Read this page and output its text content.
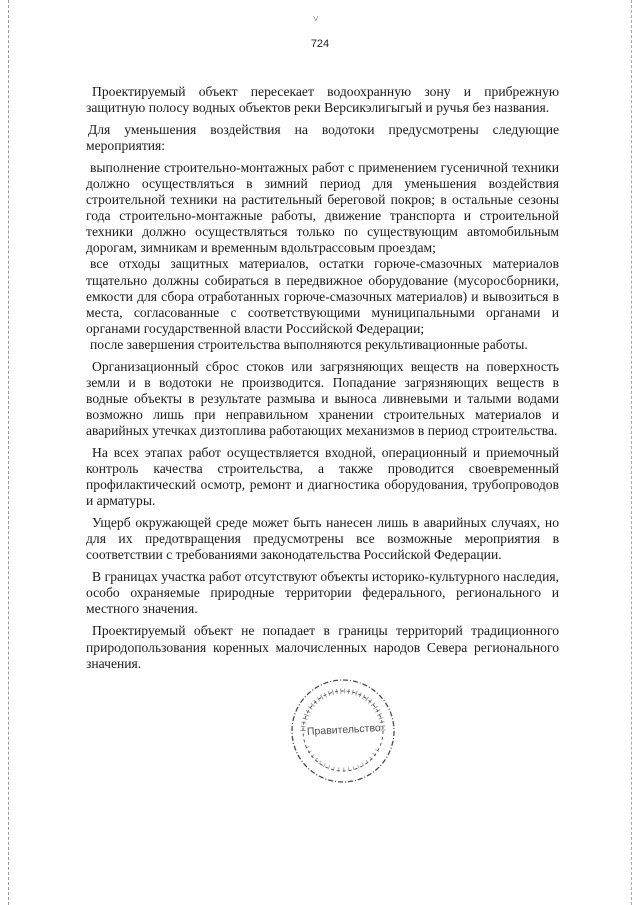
˅
724

Проектируемый объект пересекает водоохранную зону и прибрежную защитную полосу водных объектов реки Версикэлигыгый и ручья без названия.

Для уменьшения воздействия на водотоки предусмотрены следующие мероприятия:

выполнение строительно-монтажных работ с применением гусеничной техники должно осуществляться в зимний период для уменьшения воздействия строительной техники на растительный береговой покров; в остальные сезоны года строительно-монтажные работы, движение транспорта и строительной техники должно осуществляться только по существующим автомобильным дорогам, зимникам и временным вдольтрассовым проездам;

все отходы защитных материалов, остатки горюче-смазочных материалов тщательно должны собираться в передвижное оборудование (мусоросборники, емкости для сбора отработанных горюче-смазочных материалов) и вывозиться в места, согласованные с соответствующими муниципальными органами и органами государственной власти Российской Федерации;

после завершения строительства выполняются рекультивационные работы.

Организационный сброс стоков или загрязняющих веществ на поверхность земли и в водотоки не производится. Попадание загрязняющих веществ в водные объекты в результате размыва и выноса ливневыми и талыми водами возможно лишь при неправильном хранении строительных материалов и аварийных утечках дизтоплива работающих механизмов в период строительства.

На всех этапах работ осуществляется входной, операционный и приемочный контроль качества строительства, а также проводится своевременный профилактический осмотр, ремонт и диагностика оборудования, трубопроводов и арматуры.

Ущерб окружающей среде может быть нанесен лишь в аварийных случаях, но для их предотвращения предусмотрены все возможные мероприятия в соответствии с требованиями законодательства Российской Федерации.

В границах участка работ отсутствуют объекты историко-культурного наследия, особо охраняемые природные территории федерального, регионального и местного значения.

Проектируемый объект не попадает в границы территорий традиционного природопользования коренных малочисленных народов Севера регионального значения.

Правительство
